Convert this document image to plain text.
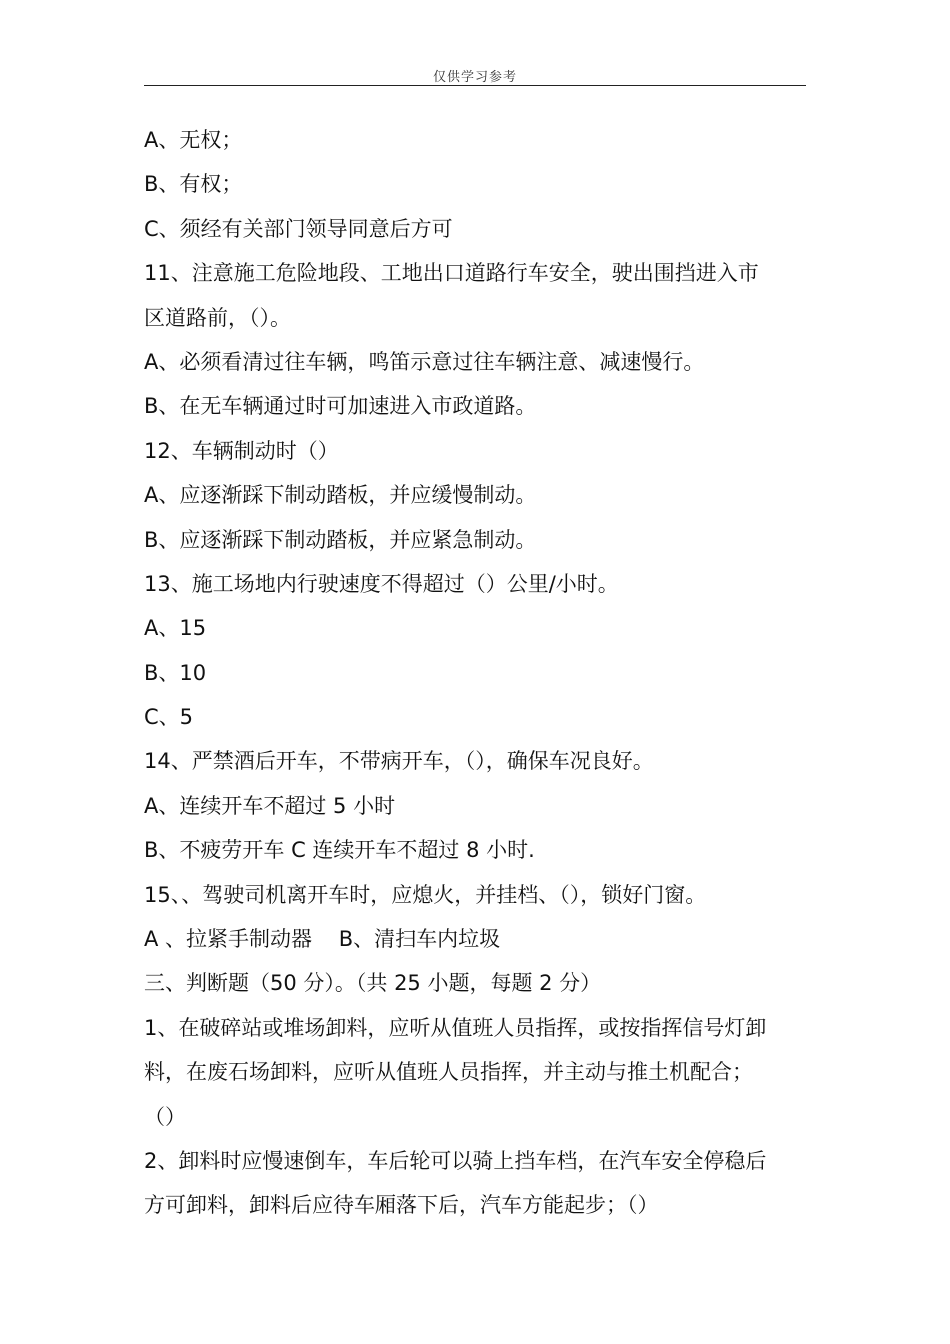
仅供学习参考
A、无权；
B、有权；
C、须经有关部门领导同意后方可
11、注意施工危险地段、工地出口道路行车安全，驶出围挡进入市
区道路前，（）。
A、必须看清过往车辆，鸣笛示意过往车辆注意、减速慢行。
B、在无车辆通过时可加速进入市政道路。
12、车辆制动时（）
A、应逐渐踩下制动踏板，并应缓慢制动。
B、应逐渐踩下制动踏板，并应紧急制动。
13、施工场地内行驶速度不得超过（）公里/小时。
A、15
B、10
C、5
14、严禁酒后开车，不带病开车，（），确保车况良好。
A、连续开车不超过 5 小时
B、不疲劳开车 C 连续开车不超过 8 小时.
15、、驾驶司机离开车时，应熄火，并挂档、（），锁好门窗。
A 、拉紧手制动器    B、清扫车内垃圾
三、判断题（50 分）。（共 25 小题，每题 2 分）
1、在破碎站或堆场卸料，应听从值班人员指挥，或按指挥信号灯卸
料，在废石场卸料，应听从值班人员指挥，并主动与推土机配合；
（）
2、卸料时应慢速倒车，车后轮可以骑上挡车档，在汽车安全停稳后
方可卸料，卸料后应待车厢落下后，汽车方能起步；（）
